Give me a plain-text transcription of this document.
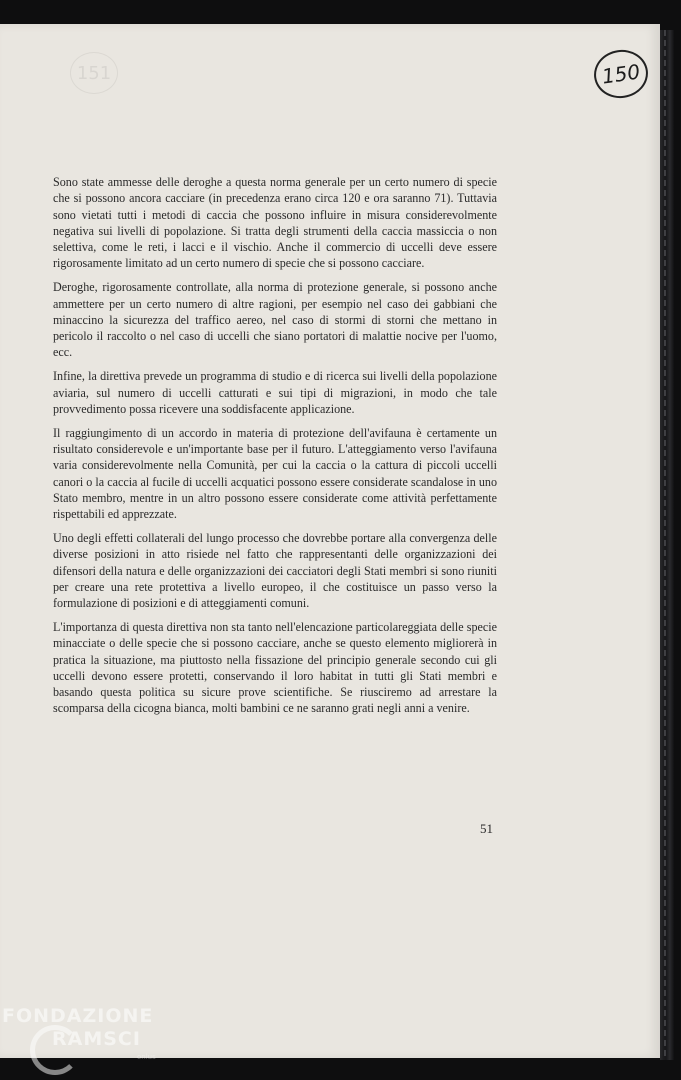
151	150

Sono state ammesse delle deroghe a questa norma generale per un certo numero di specie che si possono ancora cacciare (in precedenza erano circa 120 e ora saranno 71). Tuttavia sono vietati tutti i metodi di caccia che possono influire in misura considerevolmente negativa sui livelli di popolazione. Si tratta degli strumenti della caccia massiccia o non selettiva, come le reti, i lacci e il vischio. Anche il commercio di uccelli deve essere rigorosamente limitato ad un certo numero di specie che si possono cacciare.

Deroghe, rigorosamente controllate, alla norma di protezione generale, si possono anche ammettere per un certo numero di altre ragioni, per esempio nel caso dei gabbiani che minaccino la sicurezza del traffico aereo, nel caso di stormi di storni che mettano in pericolo il raccolto o nel caso di uccelli che siano portatori di malattie nocive per l'uomo, ecc.

Infine, la direttiva prevede un programma di studio e di ricerca sui livelli della popolazione aviaria, sul numero di uccelli catturati e sui tipi di migrazioni, in modo che tale provvedimento possa ricevere una soddisfacente applicazione.

Il raggiungimento di un accordo in materia di protezione dell'avifauna è certamente un risultato considerevole e un'importante base per il futuro. L'atteggiamento verso l'avifauna varia considerevolmente nella Comunità, per cui la caccia o la cattura di piccoli uccelli canori o la caccia al fucile di uccelli acquatici possono essere considerate scandalose in uno Stato membro, mentre in un altro possono essere considerate come attività perfettamente rispettabili ed apprezzate.

Uno degli effetti collaterali del lungo processo che dovrebbe portare alla convergenza delle diverse posizioni in atto risiede nel fatto che rappresentanti delle organizzazioni dei difensori della natura e delle organizzazioni dei cacciatori degli Stati membri si sono riuniti per creare una rete protettiva a livello europeo, il che costituisce un passo verso la formulazione di posizioni e di atteggiamenti comuni.

L'importanza di questa direttiva non sta tanto nell'elencazione particolareggiata delle specie minacciate o delle specie che si possono cacciare, anche se questo elemento migliorerà in pratica la situazione, ma piuttosto nella fissazione del principio generale secondo cui gli uccelli devono essere protetti, conservando il loro habitat in tutti gli Stati membri e basando questa politica su sicure prove scientifiche. Se riusciremo ad arrestare la scomparsa della cicogna bianca, molti bambini ce ne saranno grati negli anni a venire.

51
FONDAZIONE
RAMSCI
onlus
